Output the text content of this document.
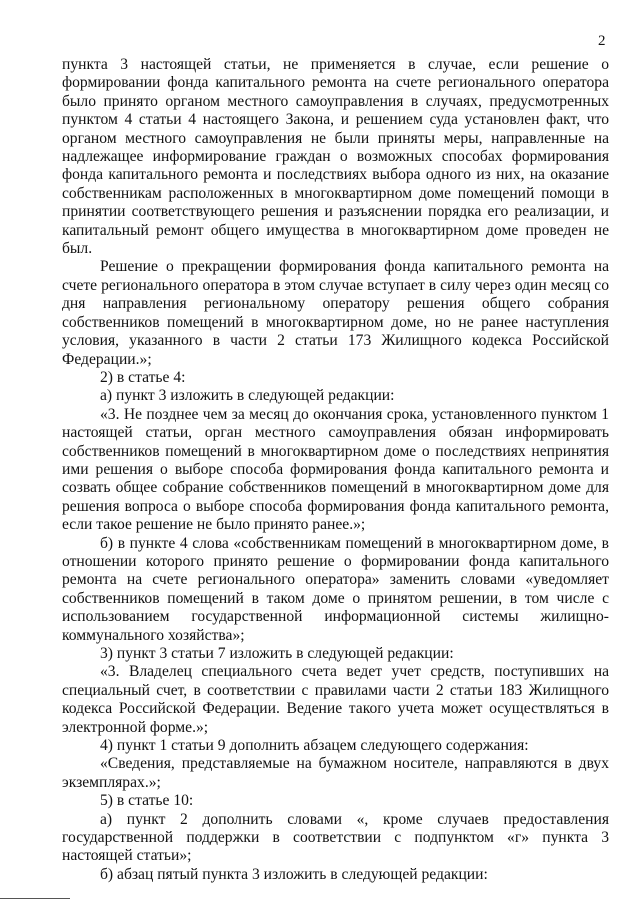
2

пункта 3 настоящей статьи, не применяется в случае, если решение о формировании фонда капитального ремонта на счете регионального оператора было принято органом местного самоуправления в случаях, предусмотренных пунктом 4 статьи 4 настоящего Закона, и решением суда установлен факт, что органом местного самоуправления не были приняты меры, направленные на надлежащее информирование граждан о возможных способах формирования фонда капитального ремонта и последствиях выбора одного из них, на оказание собственникам расположенных в многоквартирном доме помещений помощи в принятии соответствующего решения и разъяснении порядка его реализации, и капитальный ремонт общего имущества в многоквартирном доме проведен не был.

Решение о прекращении формирования фонда капитального ремонта на счете регионального оператора в этом случае вступает в силу через один месяц со дня направления региональному оператору решения общего собрания собственников помещений в многоквартирном доме, но не ранее наступления условия, указанного в части 2 статьи 173 Жилищного кодекса Российской Федерации.»;

2) в статье 4:

а) пункт 3 изложить в следующей редакции:

«3. Не позднее чем за месяц до окончания срока, установленного пунктом 1 настоящей статьи, орган местного самоуправления обязан информировать собственников помещений в многоквартирном доме о последствиях непринятия ими решения о выборе способа формирования фонда капитального ремонта и созвать общее собрание собственников помещений в многоквартирном доме для решения вопроса о выборе способа формирования фонда капитального ремонта, если такое решение не было принято ранее.»;

б) в пункте 4 слова «собственникам помещений в многоквартирном доме, в отношении которого принято решение о формировании фонда капитального ремонта на счете регионального оператора» заменить словами «уведомляет собственников помещений в таком доме о принятом решении, в том числе с использованием государственной информационной системы жилищно-коммунального хозяйства»;

3) пункт 3 статьи 7 изложить в следующей редакции:

«3. Владелец специального счета ведет учет средств, поступивших на специальный счет, в соответствии с правилами части 2 статьи 183 Жилищного кодекса Российской Федерации. Ведение такого учета может осуществляться в электронной форме.»;

4) пункт 1 статьи 9 дополнить абзацем следующего содержания:

«Сведения, представляемые на бумажном носителе, направляются в двух экземплярах.»;

5) в статье 10:

а) пункт 2 дополнить словами «, кроме случаев предоставления государственной поддержки в соответствии с подпунктом «г» пункта 3 настоящей статьи»;

б) абзац пятый пункта 3 изложить в следующей редакции:
